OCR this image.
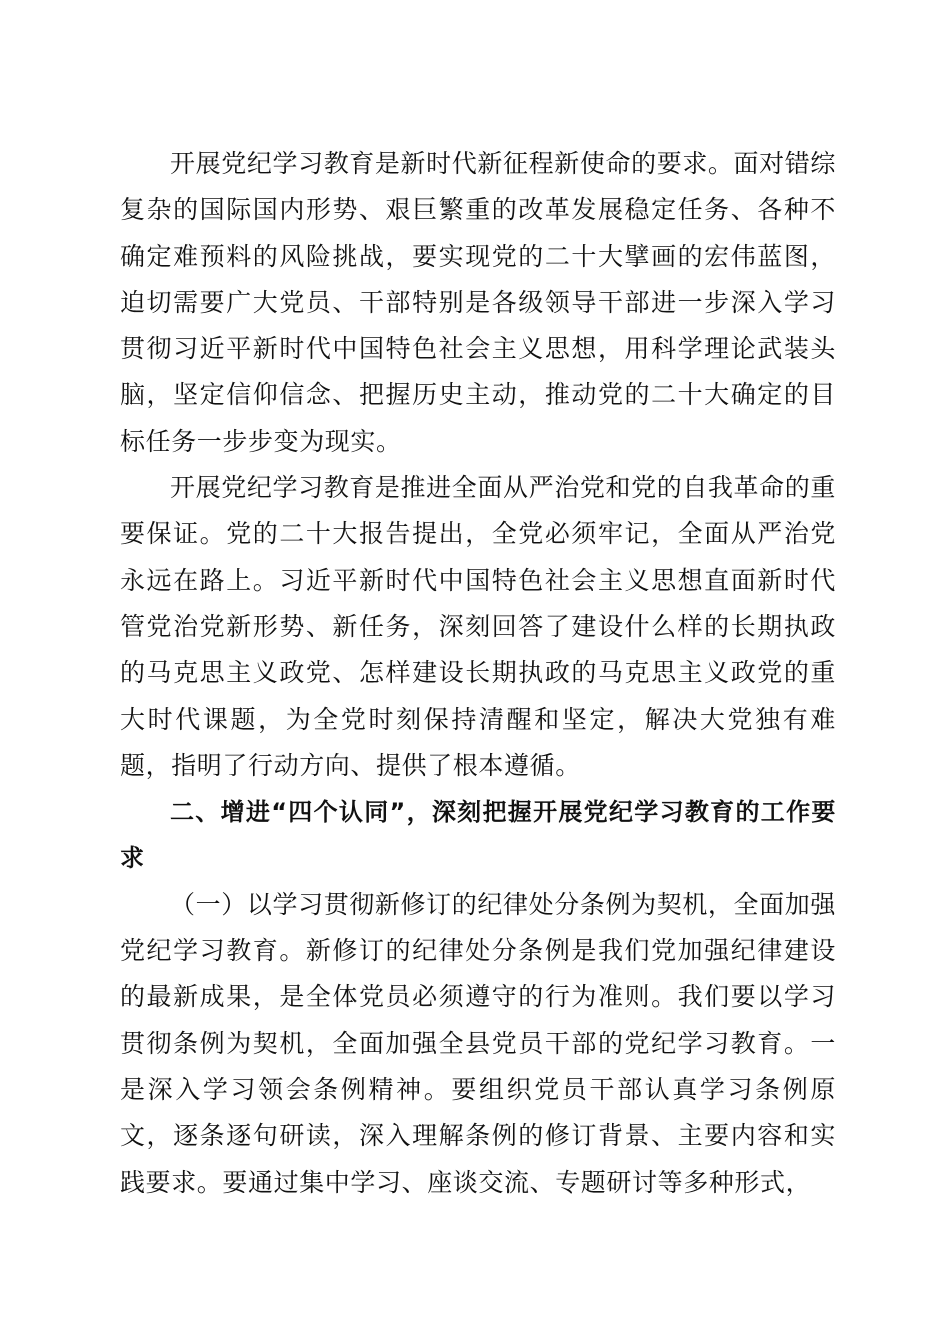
开展党纪学习教育是新时代新征程新使命的要求。面对错综复杂的国际国内形势、艰巨繁重的改革发展稳定任务、各种不确定难预料的风险挑战，要实现党的二十大擘画的宏伟蓝图，迫切需要广大党员、干部特别是各级领导干部进一步深入学习贯彻习近平新时代中国特色社会主义思想，用科学理论武装头脑，坚定信仰信念、把握历史主动，推动党的二十大确定的目标任务一步步变为现实。

开展党纪学习教育是推进全面从严治党和党的自我革命的重要保证。党的二十大报告提出，全党必须牢记，全面从严治党永远在路上。习近平新时代中国特色社会主义思想直面新时代管党治党新形势、新任务，深刻回答了建设什么样的长期执政的马克思主义政党、怎样建设长期执政的马克思主义政党的重大时代课题，为全党时刻保持清醒和坚定，解决大党独有难题，指明了行动方向、提供了根本遵循。

二、增进“四个认同”，深刻把握开展党纪学习教育的工作要求

（一）以学习贯彻新修订的纪律处分条例为契机，全面加强党纪学习教育。新修订的纪律处分条例是我们党加强纪律建设的最新成果，是全体党员必须遵守的行为准则。我们要以学习贯彻条例为契机，全面加强全县党员干部的党纪学习教育。一是深入学习领会条例精神。要组织党员干部认真学习条例原文，逐条逐句研读，深入理解条例的修订背景、主要内容和实践要求。要通过集中学习、座谈交流、专题研讨等多种形式，
